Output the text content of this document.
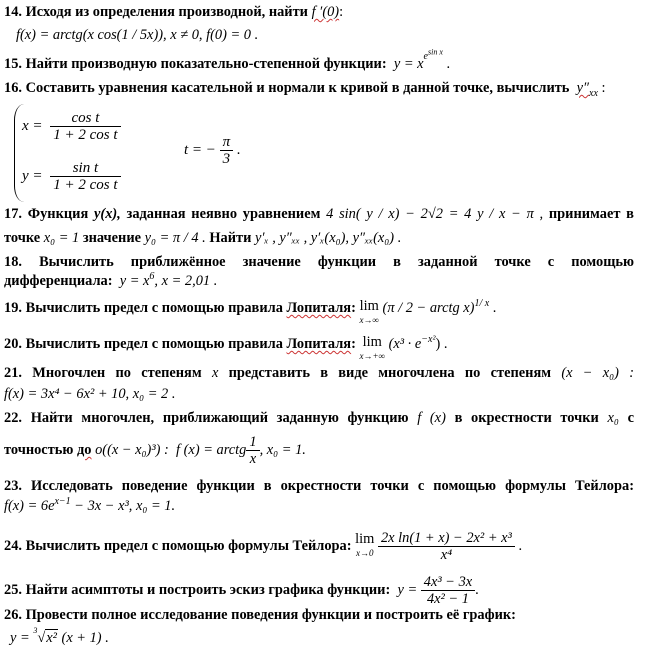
14. Исходя из определения производной, найти f ′(0):
f(x) = arctg(x cos(1 / 5x)), x ≠ 0, f(0) = 0 .
15. Найти производную показательно-степенной функции: $y = x^{e^{sin x}}$ .
16. Составить уравнения касательной и нормали к кривой в данной точке, вычислить $y''_{xx}$ :
$x = \frac{\text{cos t}}{\text{1 + 2 cos t}}$
$y = \frac{\text{sin t}}{\text{1 + 2 cos t}}$
t = − $\frac{\pi}{3}$ .
17. Функция y(x), заданная неявно уравнением 4 sin( y / x) − 2√2 = 4 y / x − π , принимает в
точке x₀ = 1 значение y₀ = π / 4 . Найти y′ₓ , y″ₓₓ , y′ₓ(x₀), y″ₓₓ(x₀) .
18. Вычислить приближённое значение функции в заданной точке с помощью
дифференциала: $y = x^6$, x = 2,01 .
19. Вычислить предел с помощью правила Лопиталя: lim
x→∞ (π / 2 − arctg x)$^{1/ x}$ .
20. Вычислить предел с помощью правила Лопиталя: lim
x→+∞ $(x^3 \cdot e^{-x^2})$ .
21. Многочлен по степеням x представить в виде многочлена по степеням (x − x₀) :
f(x) = 3x⁴ − 6x² + 10, x₀ = 2 .
22. Найти многочлен, приближающий заданную функцию f (x) в окрестности точки x₀ с
точностью до o((x − x₀)³) : f (x) = arctg $\frac{1}{x}$ , x₀ = 1.
23. Исследовать поведение функции в окрестности точки с помощью формулы Тейлора:
$f(x) = 6e^{x-1} - 3x - x^3$, x₀ = 1.
24. Вычислить предел с помощью формулы Тейлора: lim
$x\to 0 \frac{\text{2x ln(1 + x) − 2x² + x³}}{\text{x⁴}}$ .
25. Найти асимптоты и построить эскиз графика функции: $y = \frac{\text{4x³ − 3x}}{\text{4x² − 1}}$ .
26. Провести полное исследование поведения функции и построить её график:
y = $^3$√x² (x + 1) .
